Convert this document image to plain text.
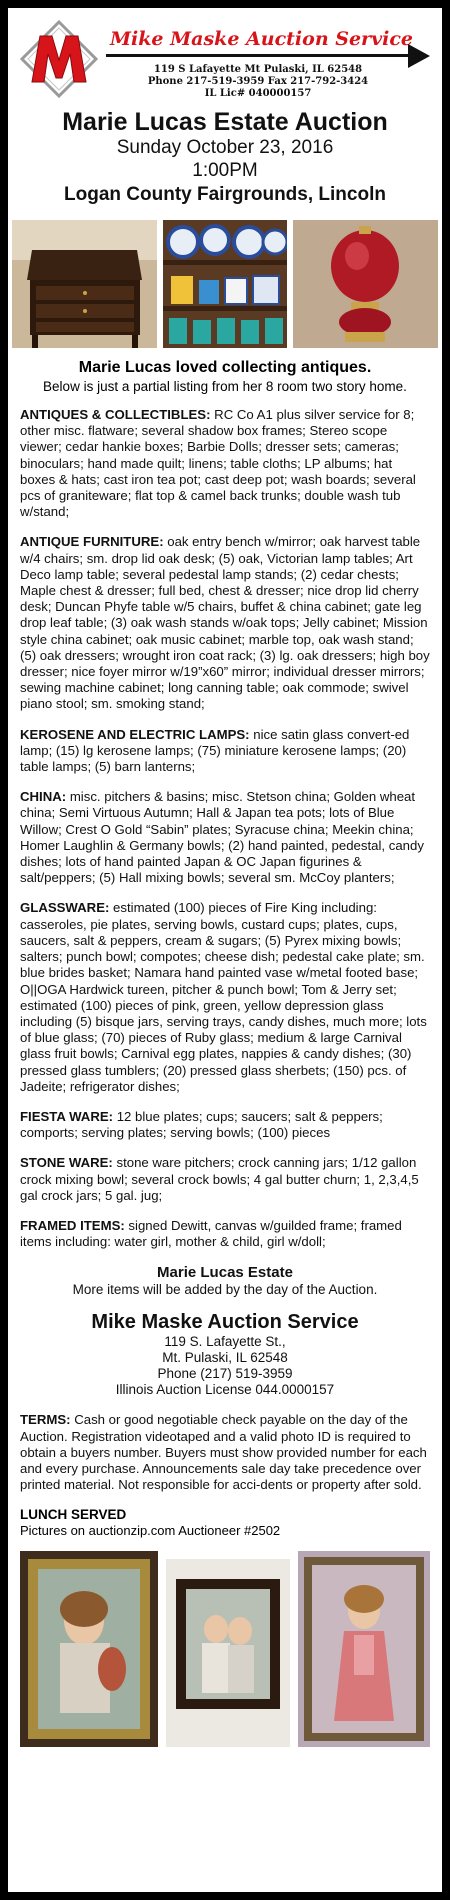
Mike Maske Auction Service
119 S Lafayette Mt Pulaski, IL 62548
Phone 217-519-3959 Fax 217-792-3424
IL Lic# 040000157
Marie Lucas Estate Auction
Sunday October 23, 2016
1:00PM
Logan County Fairgrounds, Lincoln
Marie Lucas loved collecting antiques.
Below is just a partial listing from her 8 room two story home.
ANTIQUES & COLLECTIBLES: RC Co A1 plus silver service for 8; other misc. flatware; several shadow box frames; Stereo scope viewer; cedar hankie boxes; Barbie Dolls; dresser sets; cameras; binoculars; hand made quilt; linens; table cloths; LP albums; hat boxes & hats; cast iron tea pot; cast deep pot; wash boards; several pcs of graniteware; flat top & camel back trunks; double wash tub w/stand;
ANTIQUE FURNITURE: oak entry bench w/mirror; oak harvest table w/4 chairs; sm. drop lid oak desk; (5) oak, Victorian lamp tables; Art Deco lamp table; several pedestal lamp stands; (2) cedar chests; Maple chest & dresser; full bed, chest & dresser; nice drop lid cherry desk; Duncan Phyfe table w/5 chairs, buffet & china cabinet; gate leg drop leaf table; (3) oak wash stands w/oak tops; Jelly cabinet; Mission style china cabinet; oak music cabinet; marble top, oak wash stand; (5) oak dressers; wrought iron coat rack; (3) lg. oak dressers; high boy dresser; nice foyer mirror w/19”x60” mirror; individual dresser mirrors; sewing machine cabinet; long canning table; oak commode; swivel piano stool; sm. smoking stand;
KEROSENE AND ELECTRIC LAMPS: nice satin glass convert-ed lamp; (15) lg kerosene lamps; (75) miniature kerosene lamps; (20) table lamps; (5) barn lanterns;
CHINA: misc. pitchers & basins; misc. Stetson china; Golden wheat china; Semi Virtuous Autumn; Hall & Japan tea pots; lots of Blue Willow; Crest O Gold “Sabin” plates; Syracuse china; Meekin china; Homer Laughlin & Germany bowls; (2) hand painted, pedestal, candy dishes; lots of hand painted Japan & OC Japan figurines & salt/peppers; (5) Hall mixing bowls; several sm. McCoy planters;
GLASSWARE: estimated (100) pieces of Fire King including: casseroles, pie plates, serving bowls, custard cups; plates, cups, saucers, salt & peppers, cream & sugars; (5) Pyrex mixing bowls; salters; punch bowl; compotes; cheese dish; pedestal cake plate; sm. blue brides basket; Namara hand painted vase w/metal footed base; O||OGA Hardwick tureen, pitcher & punch bowl; Tom & Jerry set; estimated (100) pieces of pink, green, yellow depression glass including (5) bisque jars, serving trays, candy dishes, much more; lots of blue glass; (70) pieces of Ruby glass; medium & large Carnival glass fruit bowls; Carnival egg plates, nappies & candy dishes; (30) pressed glass tumblers; (20) pressed glass sherbets; (150) pcs. of Jadeite; refrigerator dishes;
FIESTA WARE: 12 blue plates; cups; saucers; salt & peppers; comports; serving plates; serving bowls; (100) pieces
STONE WARE: stone ware pitchers; crock canning jars; 1/12 gallon crock mixing bowl; several crock bowls; 4 gal butter churn; 1, 2,3,4,5 gal crock jars; 5 gal. jug;
FRAMED ITEMS: signed Dewitt, canvas w/guilded frame; framed items including: water girl, mother & child, girl w/doll;
Marie Lucas Estate
More items will be added by the day of the Auction.
Mike Maske Auction Service
119 S. Lafayette St.,
Mt. Pulaski, IL 62548
Phone (217) 519-3959
Illinois Auction License 044.0000157
TERMS: Cash or good negotiable check payable on the day of the Auction. Registration videotaped and a valid photo ID is required to obtain a buyers number. Buyers must show provided number for each and every purchase. Announcements sale day take precedence over printed material. Not responsible for acci-dents or property after sold.
LUNCH SERVED
Pictures on auctionzip.com Auctioneer #2502
